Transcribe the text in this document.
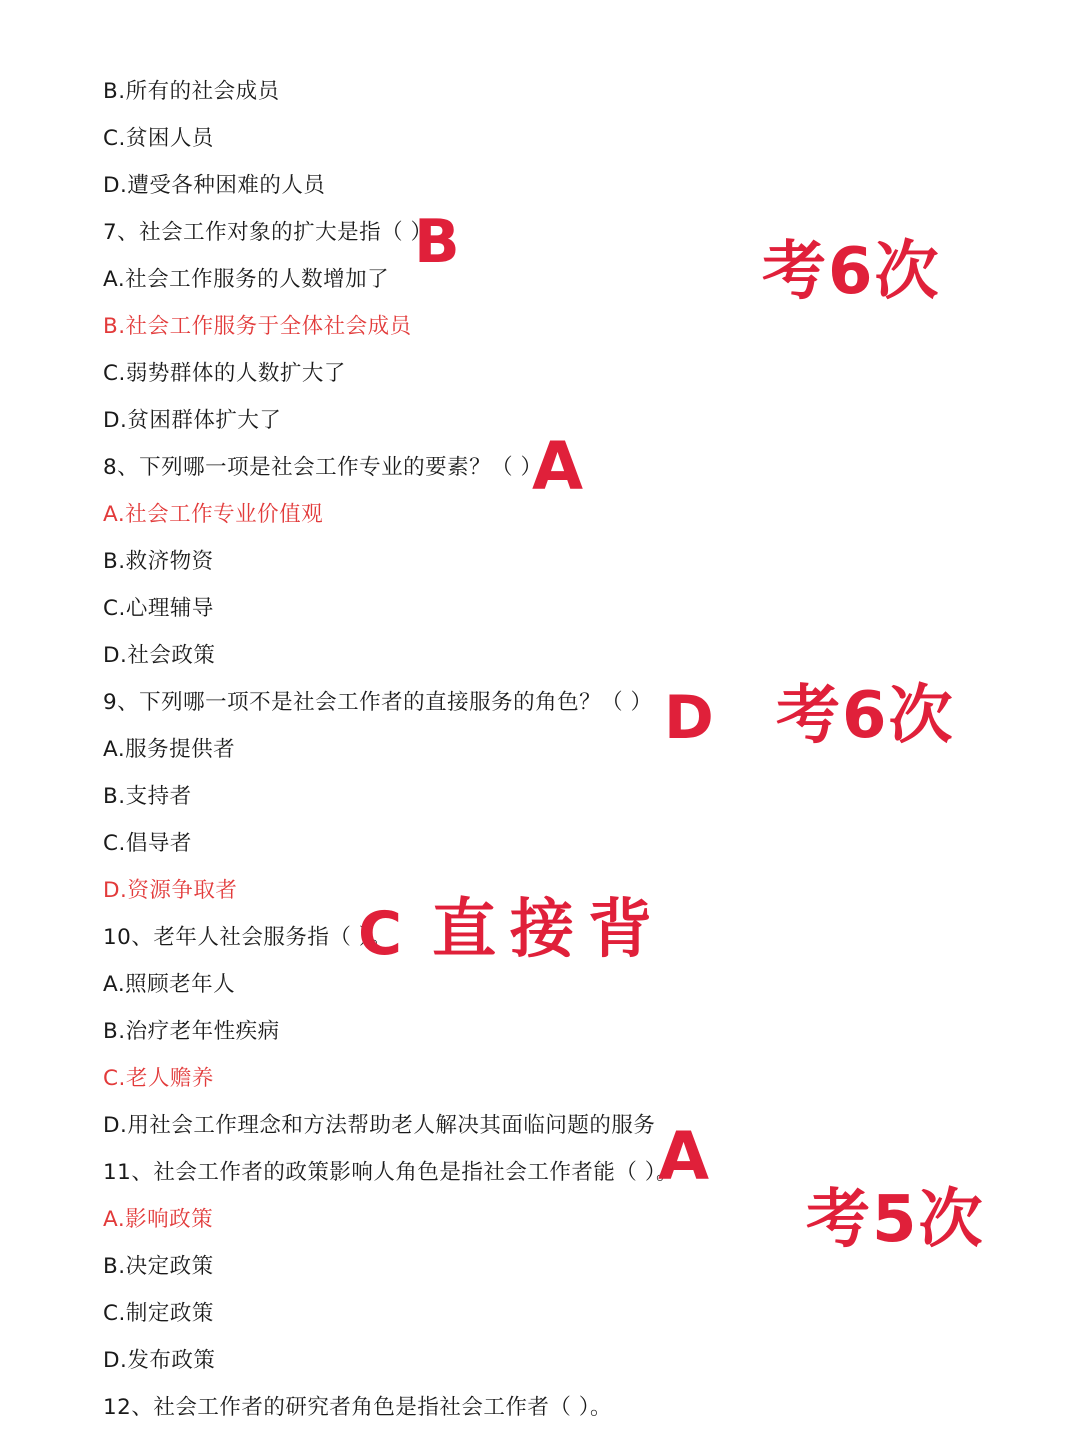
B.所有的社会成员
C.贫困人员
D.遭受各种困难的人员
7、社会工作对象的扩大是指（ ）。
A.社会工作服务的人数增加了
B.社会工作服务于全体社会成员
C.弱势群体的人数扩大了
D.贫困群体扩大了
8、下列哪一项是社会工作专业的要素？（ ）
A.社会工作专业价值观
B.救济物资
C.心理辅导
D.社会政策
9、下列哪一项不是社会工作者的直接服务的角色？（ ）
A.服务提供者
B.支持者
C.倡导者
D.资源争取者
10、老年人社会服务指（ ）。
A.照顾老年人
B.治疗老年性疾病
C.老人赡养
D.用社会工作理念和方法帮助老人解决其面临问题的服务
11、社会工作者的政策影响人角色是指社会工作者能（ ）。
A.影响政策
B.决定政策
C.制定政策
D.发布政策
12、社会工作者的研究者角色是指社会工作者（ ）。
B	考6次
A
D 考6次
C 直接背
A
考5次
